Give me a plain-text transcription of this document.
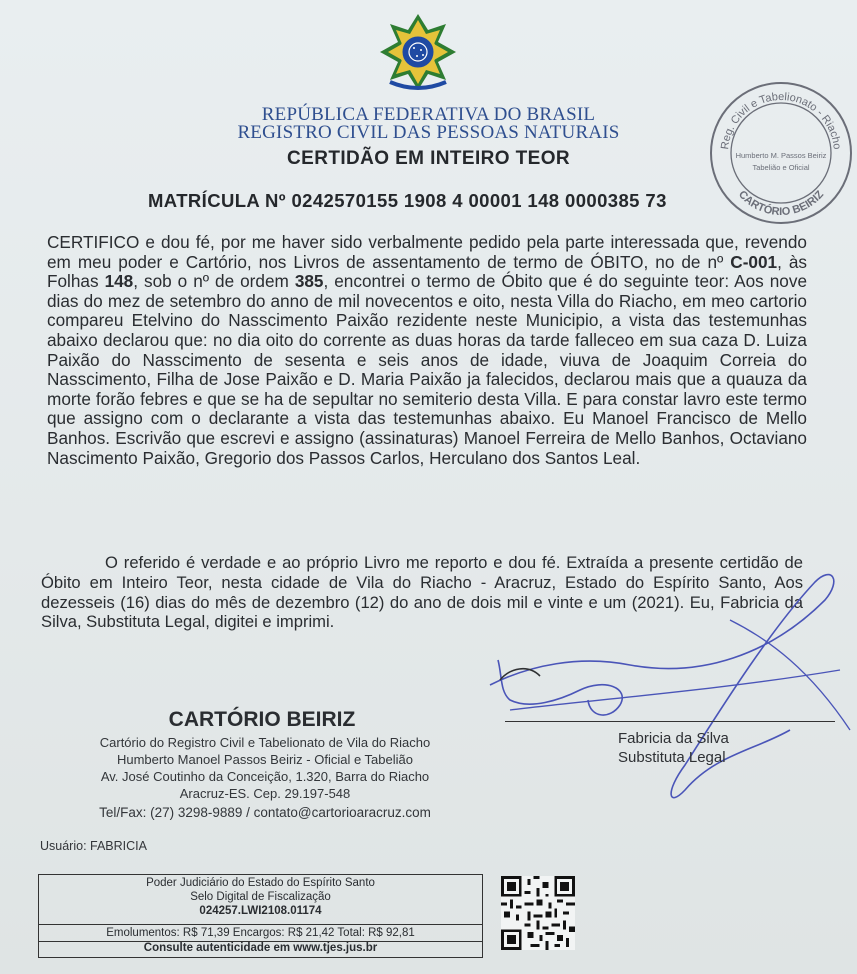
REPÚBLICA FEDERATIVA DO BRASIL
REGISTRO CIVIL DAS PESSOAS NATURAIS
CERTIDÃO EM INTEIRO TEOR
MATRÍCULA Nº 0242570155 1908 4 00001 148 0000385 73
Reg. Civil e Tabelionato - Riacho
CARTÓRIO BEIRIZ
Humberto M. Passos Beiriz
Tabelião e Oficial

CERTIFICO e dou fé, por me haver sido verbalmente pedido pela parte interessada que, revendo em meu poder e Cartório, nos Livros de assentamento de termo de ÓBITO, no de nº C-001, às Folhas 148, sob o nº de ordem 385, encontrei o termo de Óbito que é do seguinte teor: Aos nove dias do mez de setembro do anno de mil novecentos e oito, nesta Villa do Riacho, em meo cartorio compareu Etelvino do Nasscimento Paixão rezidente neste Municipio, a vista das testemunhas abaixo declarou que: no dia oito do corrente as duas horas da tarde falleceo em sua caza D. Luiza Paixão do Nasscimento de sesenta e seis anos de idade, viuva de Joaquim Correia do Nasscimento, Filha de Jose Paixão e D. Maria Paixão ja falecidos, declarou mais que a quauza da morte forão febres e que se ha de sepultar no semiterio desta Villa. E para constar lavro este termo que assigno com o declarante a vista das testemunhas abaixo. Eu Manoel Francisco de Mello Banhos. Escrivão que escrevi e assigno (assinaturas) Manoel Ferreira de Mello Banhos, Octaviano Nascimento Paixão, Gregorio dos Passos Carlos, Herculano dos Santos Leal.

O referido é verdade e ao próprio Livro me reporto e dou fé. Extraída a presente certidão de Óbito em Inteiro Teor, nesta cidade de Vila do Riacho - Aracruz, Estado do Espírito Santo, Aos dezesseis (16) dias do mês de dezembro (12) do ano de dois mil e vinte e um (2021). Eu, Fabricia da Silva, Substituta Legal, digitei e imprimi.
Fabricia da Silva
Substituta Legal
CARTÓRIO BEIRIZ
Cartório do Registro Civil e Tabelionato de Vila do Riacho
Humberto Manoel Passos Beiriz - Oficial e Tabelião
Av. José Coutinho da Conceição, 1.320, Barra do Riacho
Aracruz-ES. Cep. 29.197-548
Tel/Fax: (27) 3298-9889 / contato@cartorioaracruz.com
Usuário: FABRICIA
Poder Judiciário do Estado do Espírito Santo
Selo Digital de Fiscalização
024257.LWI2108.01174
Emolumentos: R$ 71,39 Encargos: R$ 21,42 Total: R$ 92,81
Consulte autenticidade em www.tjes.jus.br
